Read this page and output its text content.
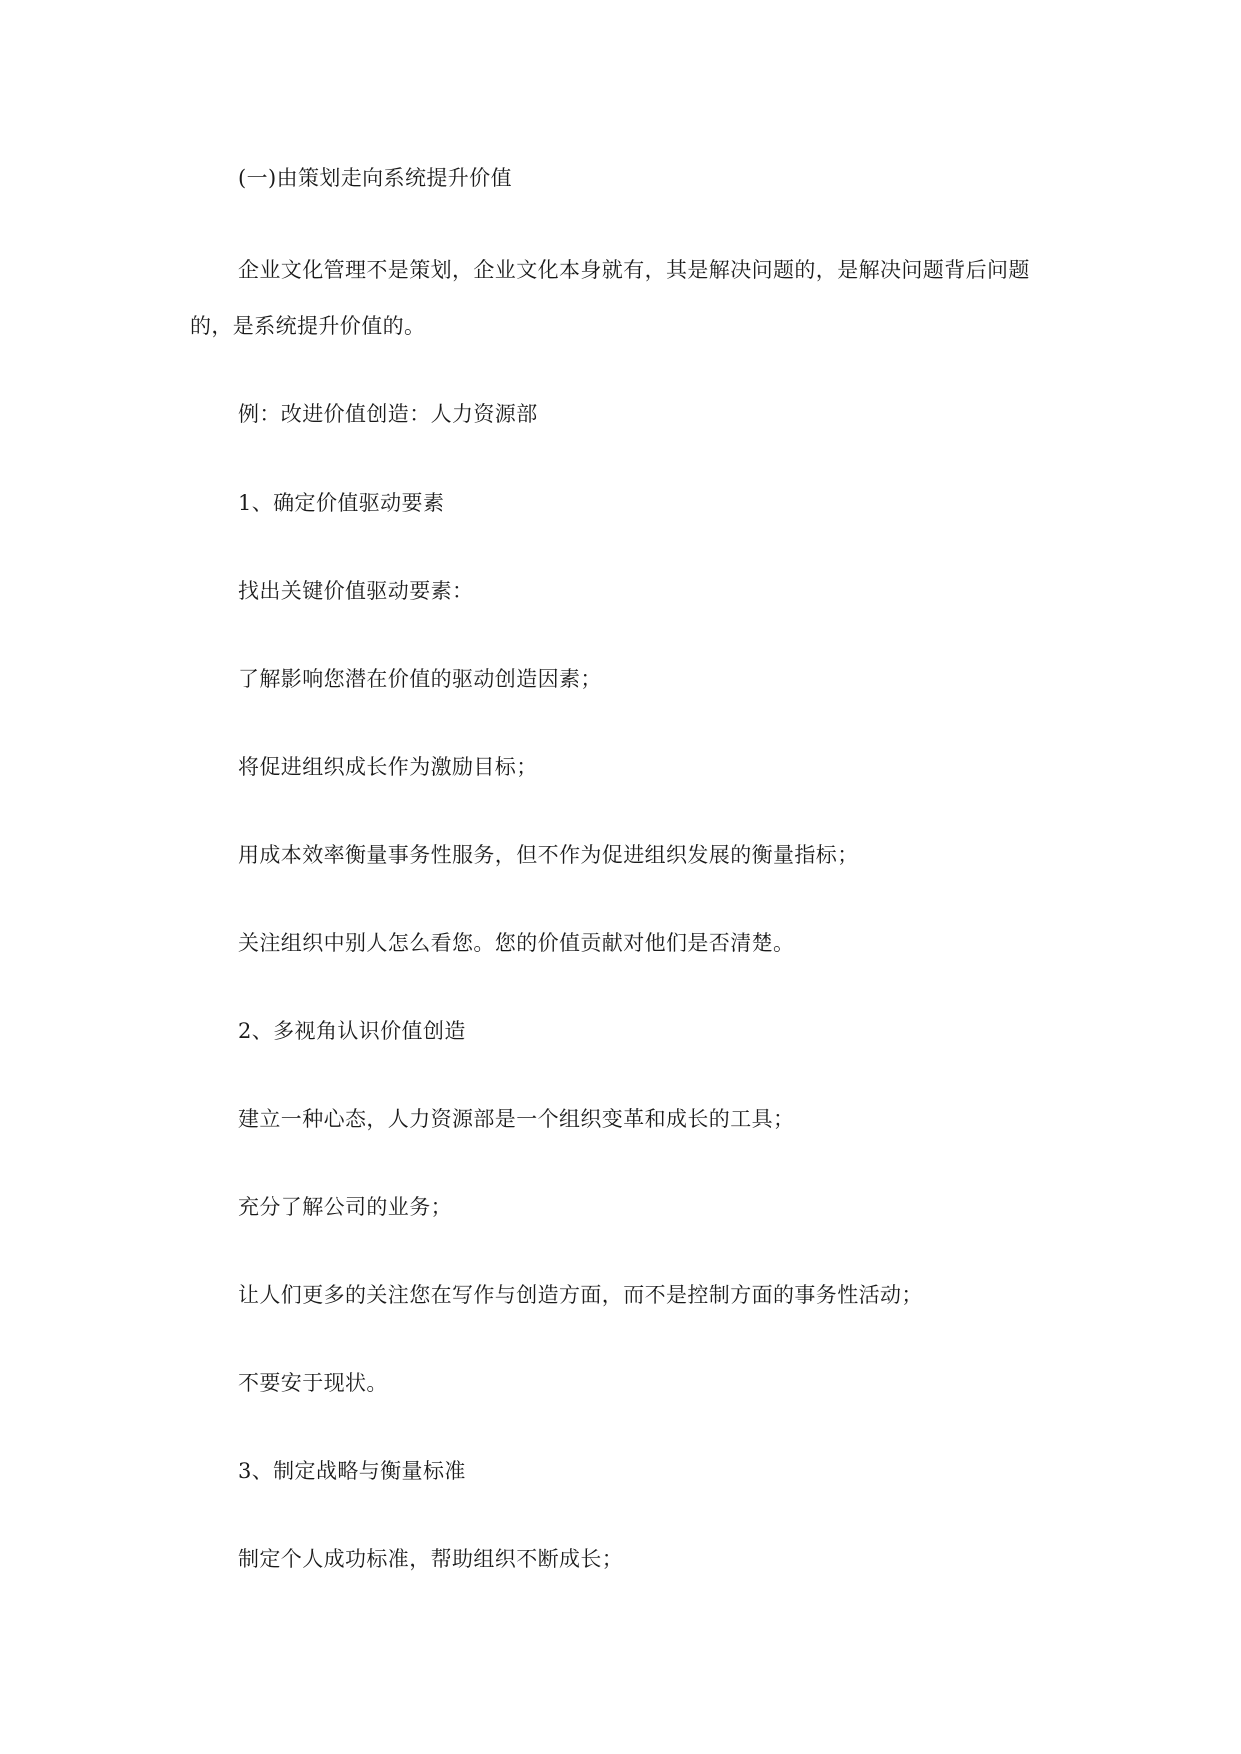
(一)由策划走向系统提升价值

企业文化管理不是策划，企业文化本身就有，其是解决问题的，是解决问题背后问题

的，是系统提升价值的。

例：改进价值创造：人力资源部

1、确定价值驱动要素

找出关键价值驱动要素：

了解影响您潜在价值的驱动创造因素；

将促进组织成长作为激励目标；

用成本效率衡量事务性服务，但不作为促进组织发展的衡量指标；

关注组织中别人怎么看您。您的价值贡献对他们是否清楚。

2、多视角认识价值创造

建立一种心态，人力资源部是一个组织变革和成长的工具；

充分了解公司的业务；

让人们更多的关注您在写作与创造方面，而不是控制方面的事务性活动；

不要安于现状。

3、制定战略与衡量标准

制定个人成功标准，帮助组织不断成长；
